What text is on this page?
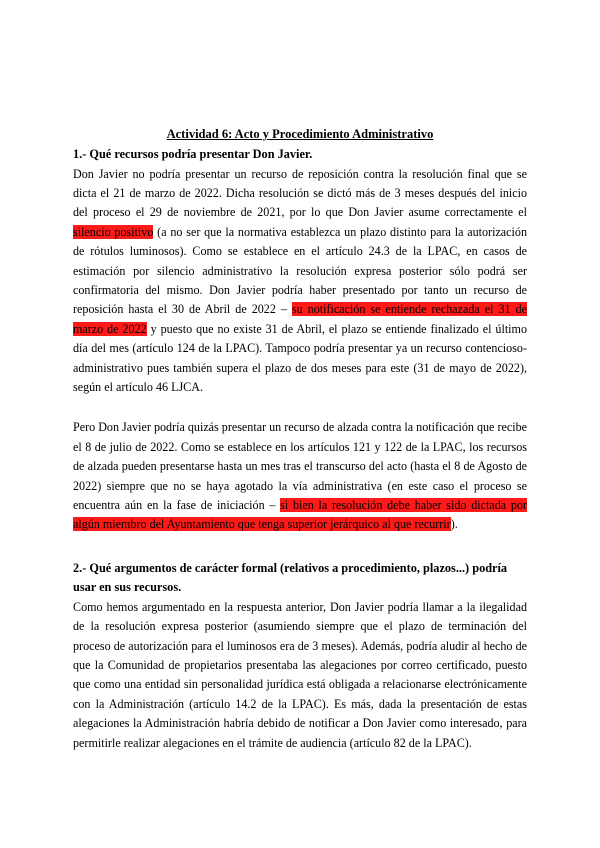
Actividad 6: Acto y Procedimiento Administrativo
1.- Qué recursos podría presentar Don Javier.

Don Javier no podría presentar un recurso de reposición contra la resolución final que se dicta el 21 de marzo de 2022. Dicha resolución se dictó más de 3 meses después del inicio del proceso el 29 de noviembre de 2021, por lo que Don Javier asume correctamente el silencio positivo (a no ser que la normativa establezca un plazo distinto para la autorización de rótulos luminosos). Como se establece en el artículo 24.3 de la LPAC, en casos de estimación por silencio administrativo la resolución expresa posterior sólo podrá ser confirmatoria del mismo. Don Javier podría haber presentado por tanto un recurso de reposición hasta el 30 de Abril de 2022 – su notificación se entiende rechazada el 31 de marzo de 2022 y puesto que no existe 31 de Abril, el plazo se entiende finalizado el último día del mes (artículo 124 de la LPAC). Tampoco podría presentar ya un recurso contencioso-administrativo pues también supera el plazo de dos meses para este (31 de mayo de 2022), según el artículo 46 LJCA.

Pero Don Javier podría quizás presentar un recurso de alzada contra la notificación que recibe el 8 de julio de 2022. Como se establece en los artículos 121 y 122 de la LPAC, los recursos de alzada pueden presentarse hasta un mes tras el transcurso del acto (hasta el 8 de Agosto de 2022) siempre que no se haya agotado la vía administrativa (en este caso el proceso se encuentra aún en la fase de iniciación – si bien la resolución debe haber sido dictada por algún miembro del Ayuntamiento que tenga superior jerárquico al que recurrir).

2.- Qué argumentos de carácter formal (relativos a procedimiento, plazos...) podría usar en sus recursos.

Como hemos argumentado en la respuesta anterior, Don Javier podría llamar a la ilegalidad de la resolución expresa posterior (asumiendo siempre que el plazo de terminación del proceso de autorización para el luminosos era de 3 meses). Además, podría aludir al hecho de que la Comunidad de propietarios presentaba las alegaciones por correo certificado, puesto que como una entidad sin personalidad jurídica está obligada a relacionarse electrónicamente con la Administración (artículo 14.2 de la LPAC). Es más, dada la presentación de estas alegaciones la Administración habría debido de notificar a Don Javier como interesado, para permitirle realizar alegaciones en el trámite de audiencia (artículo 82 de la LPAC).
